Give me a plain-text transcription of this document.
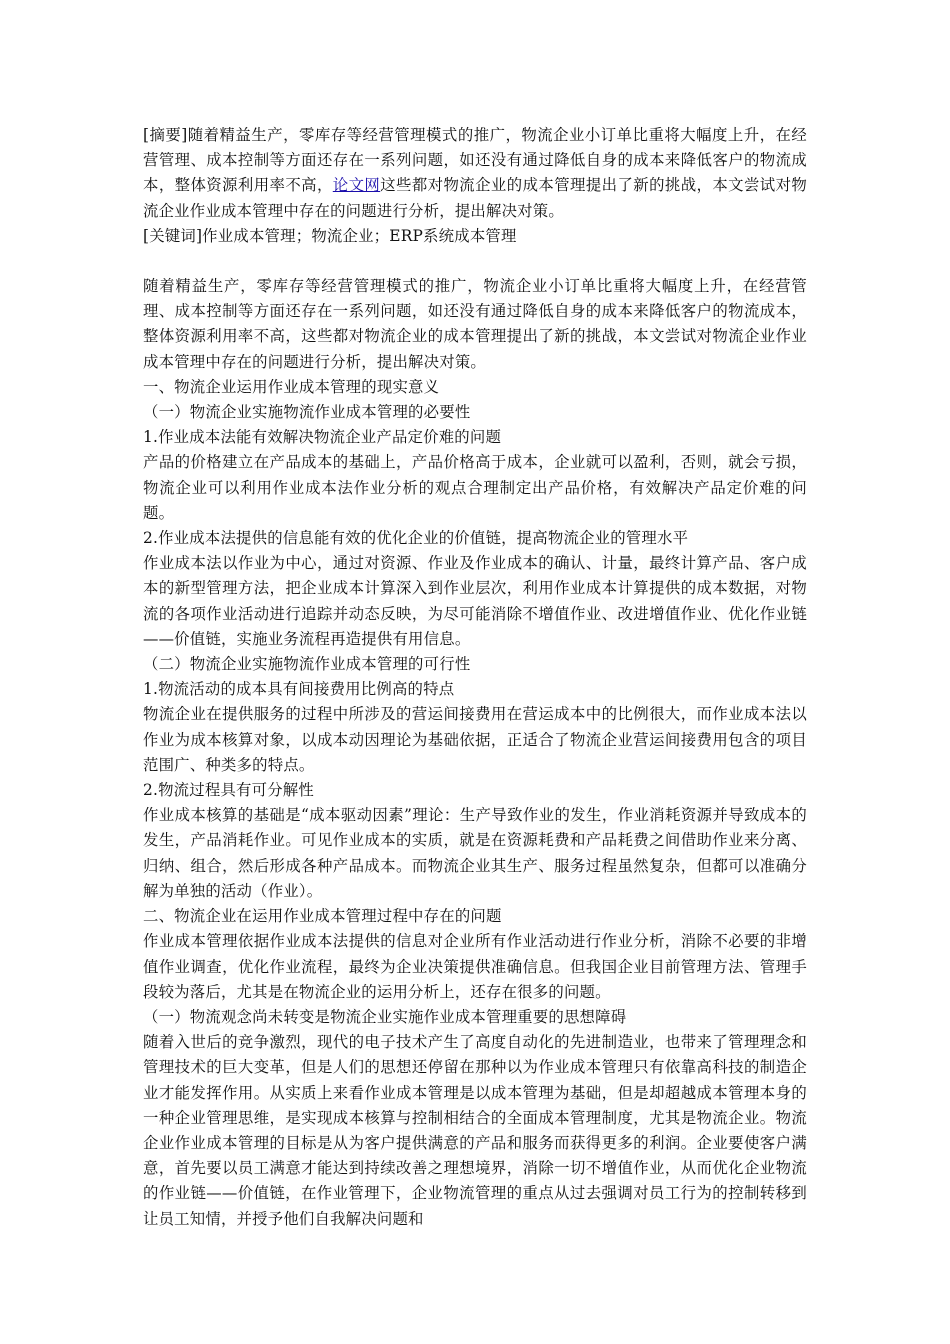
[摘要]随着精益生产，零库存等经营管理模式的推广，物流企业小订单比重将大幅度上升，在经营管理、成本控制等方面还存在一系列问题，如还没有通过降低自身的成本来降低客户的物流成本，整体资源利用率不高，论文网这些都对物流企业的成本管理提出了新的挑战，本文尝试对物流企业作业成本管理中存在的问题进行分析，提出解决对策。

[关键词]作业成本管理；物流企业；ERP系统成本管理

随着精益生产，零库存等经营管理模式的推广，物流企业小订单比重将大幅度上升，在经营管理、成本控制等方面还存在一系列问题，如还没有通过降低自身的成本来降低客户的物流成本，整体资源利用率不高，这些都对物流企业的成本管理提出了新的挑战，本文尝试对物流企业作业成本管理中存在的问题进行分析，提出解决对策。

一、物流企业运用作业成本管理的现实意义

（一）物流企业实施物流作业成本管理的必要性

1.作业成本法能有效解决物流企业产品定价难的问题

产品的价格建立在产品成本的基础上，产品价格高于成本，企业就可以盈利，否则，就会亏损，物流企业可以利用作业成本法作业分析的观点合理制定出产品价格，有效解决产品定价难的问题。

2.作业成本法提供的信息能有效的优化企业的价值链，提高物流企业的管理水平

作业成本法以作业为中心，通过对资源、作业及作业成本的确认、计量，最终计算产品、客户成本的新型管理方法，把企业成本计算深入到作业层次，利用作业成本计算提供的成本数据，对物流的各项作业活动进行追踪并动态反映，为尽可能消除不增值作业、改进增值作业、优化作业链——价值链，实施业务流程再造提供有用信息。

（二）物流企业实施物流作业成本管理的可行性

1.物流活动的成本具有间接费用比例高的特点

物流企业在提供服务的过程中所涉及的营运间接费用在营运成本中的比例很大，而作业成本法以作业为成本核算对象，以成本动因理论为基础依据，正适合了物流企业营运间接费用包含的项目范围广、种类多的特点。

2.物流过程具有可分解性

作业成本核算的基础是“成本驱动因素”理论：生产导致作业的发生，作业消耗资源并导致成本的发生，产品消耗作业。可见作业成本的实质，就是在资源耗费和产品耗费之间借助作业来分离、归纳、组合，然后形成各种产品成本。而物流企业其生产、服务过程虽然复杂，但都可以准确分解为单独的活动（作业）。

二、物流企业在运用作业成本管理过程中存在的问题

作业成本管理依据作业成本法提供的信息对企业所有作业活动进行作业分析，消除不必要的非增值作业调查，优化作业流程，最终为企业决策提供准确信息。但我国企业目前管理方法、管理手段较为落后，尤其是在物流企业的运用分析上，还存在很多的问题。

（一）物流观念尚未转变是物流企业实施作业成本管理重要的思想障碍

随着入世后的竞争激烈，现代的电子技术产生了高度自动化的先进制造业，也带来了管理理念和管理技术的巨大变革，但是人们的思想还停留在那种以为作业成本管理只有依靠高科技的制造企业才能发挥作用。从实质上来看作业成本管理是以成本管理为基础，但是却超越成本管理本身的一种企业管理思维，是实现成本核算与控制相结合的全面成本管理制度，尤其是物流企业。物流企业作业成本管理的目标是从为客户提供满意的产品和服务而获得更多的利润。企业要使客户满意，首先要以员工满意才能达到持续改善之理想境界，消除一切不增值作业，从而优化企业物流的作业链——价值链，在作业管理下，企业物流管理的重点从过去强调对员工行为的控制转移到让员工知情，并授予他们自我解决问题和
